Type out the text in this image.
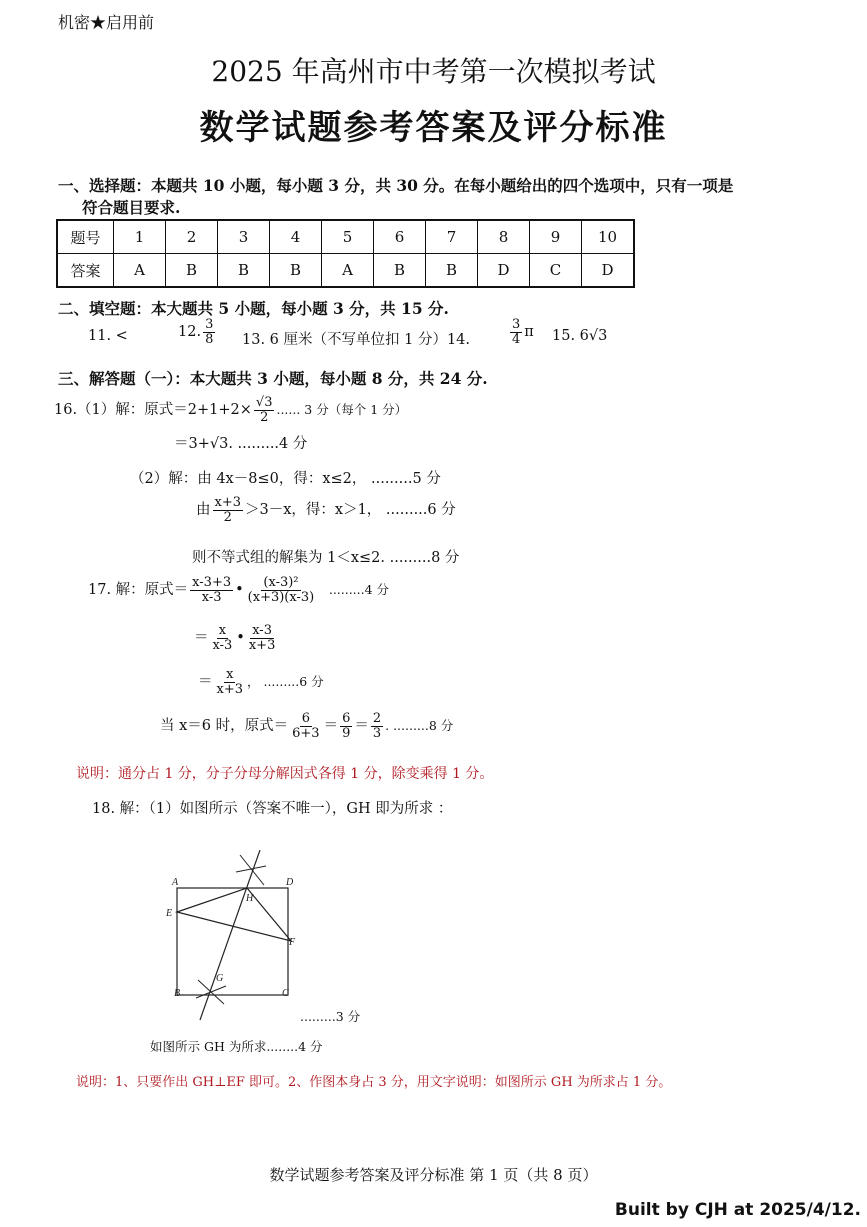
机密★启用前
2025 年高州市中考第一次模拟考试
数学试题参考答案及评分标准
一、选择题：本题共 10 小题，每小题 3 分，共 30 分。在每小题给出的四个选项中，只有一项是
符合题目要求.
题号	1	2	3	4	5	6	7	8	9	10
答案	A	B	B	B	A	B	B	D	C	D
二、填空题：本大题共 5 小题，每小题 3 分，共 15 分.
11. <	12. $\frac{3}{8} 13$. 6 厘米（不写单位扣 1 分）14.	$\frac{3}{4}$ π 15. 6√3
三、解答题（一）：本大题共 3 小题，每小题 8 分，共 24 分.
16.（1）解：原式$=2+1+2\times \frac{√3}{2}$ ...... 3 分（每个 1 分）
＝3+√3. .........4 分
（2）解：由 4x－8≤0，得：x≤2， .........5 分
由 $\frac{x+3}{2} >3-x$，得：x＞1， .........6 分
则不等式组的解集为 1＜x≤2. .........8 分
17. 解：原式＝ $\frac{x-3+3}{x-3}$ • $\frac{\text{(x-3)²}}{(x+3)(x-3)} .........4$ 分
＝ $\frac{x}{x-3}$ • $\frac{x-3}{x+3}$
＝ $\frac{x}{x+3}$ ， .........6 分
当 x＝6 时，原式＝ $\frac{6}{6+3} = \frac{6}{9} = \frac{2}{3}$ . .........8 分
说明：通分占 1 分，分子分母分解因式各得 1 分，除变乘得 1 分。
18. 解：（1）如图所示（答案不唯一），GH 即为所求 ：
A	D
E
H
F
G
B	C
.........3 分
如图所示 GH 为所求........4 分
说明：1、只要作出 GH⊥EF 即可。2、作图本身占 3 分，用文字说明：如图所示 GH 为所求占 1 分。
数学试题参考答案及评分标准 第 1 页（共 8 页）
Built by CJH at 2025/4/12.
